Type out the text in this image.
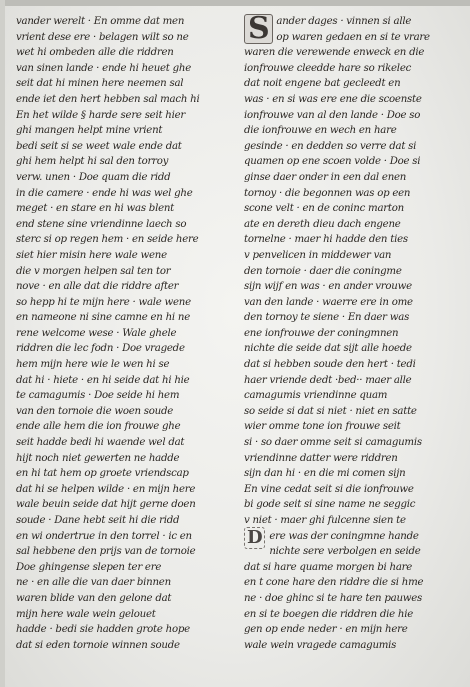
vander werelt · En omme dat men
vrient dese ere · belagen wilt so ne
wet hi ombeden alle die riddren
van sinen lande · ende hi heuet ghe
seit dat hi minen here neemen sal
ende iet den hert hebben sal mach hi
En het wilde § harde sere seit hier
ghi mangen helpt mine vrient
bedi seit si se weet wale ende dat
ghi hem helpt hi sal den torroy
verw. unen · Doe quam die ridd
in die camere · ende hi was wel ghe
meget · en stare en hi was blent
end stene sine vriendinne laech so
sterc si op regen hem · en seide here
siet hier misin here wale wene
die v morgen helpen sal ten tor
nove · en alle dat die riddre after
so hepp hi te mijn here · wale wene
en nameone ni sine camne en hi ne
rene welcome wese · Wale ghele
riddren die lec fodn · Doe vragede
hem mijn here wie le wen hi se
dat hi · hiete · en hi seide dat hi hie
te camagumis · Doe seide hi hem
van den tornoie die woen soude
ende alle hem die ion frouwe ghe
seit hadde bedi hi waende wel dat
hijt noch niet gewerten ne hadde
en hi tat hem op groete vriendscap
dat hi se helpen wilde · en mijn here
wale beuin seide dat hijt gerne doen
soude · Dane hebt seit hi die ridd
en wi ondertrue in den torrel · ic en
sal hebbene den prijs van de tornoie
Doe ghingense slepen ter ere
ne · en alle die van daer binnen
waren blide van den gelone dat
mijn here wale wein gelouet
hadde · bedi sie hadden grote hope
dat si eden tornoie winnen soude
S ander dages · vinnen si alle
op waren gedaen en si te vrare
waren die verewende enweck en die
ionfrouwe cleedde hare so rikelec
dat noit engene bat gecleedt en
was · en si was ere ene die scoenste
ionfrouwe van al den lande · Doe so
die ionfrouwe en wech en hare
gesinde · en dedden so verre dat si
quamen op ene scoen volde · Doe si
ginse daer onder in een dal enen
tornoy · die begonnen was op een
scone velt · en de coninc marton
ate en dereth dieu dach engene
tornelne · maer hi hadde den ties
v penvelicen in middewer van
den tornoie · daer die coningme
sijn wijf en was · en ander vrouwe
van den lande · waerre ere in ome
den tornoy te siene · En daer was
ene ionfrouwe der coningmnen
nichte die seide dat sijt alle hoede
dat si hebben soude den hert · tedi
haer vriende dedt ·bed·· maer alle
camagumis vriendinne quam
so seide si dat si niet · niet en satte
wier omme tone ion frouwe seit
si · so daer omme seit si camagumis
vriendinne datter were riddren
sijn dan hi · en die mi comen sijn
En vine cedat seit si die ionfrouwe
bi gode seit si sine name ne seggic
v niet · maer ghi fulcenne sien te
D ere was der coningmne hande
nichte sere verbolgen en seide
dat si hare quame morgen bi hare
en t cone hare den riddre die si hme
ne · doe ghinc si te hare ten pauwes
en si te boegen die riddren die hie
gen op ende neder · en mijn here
wale wein vragede camagumis
